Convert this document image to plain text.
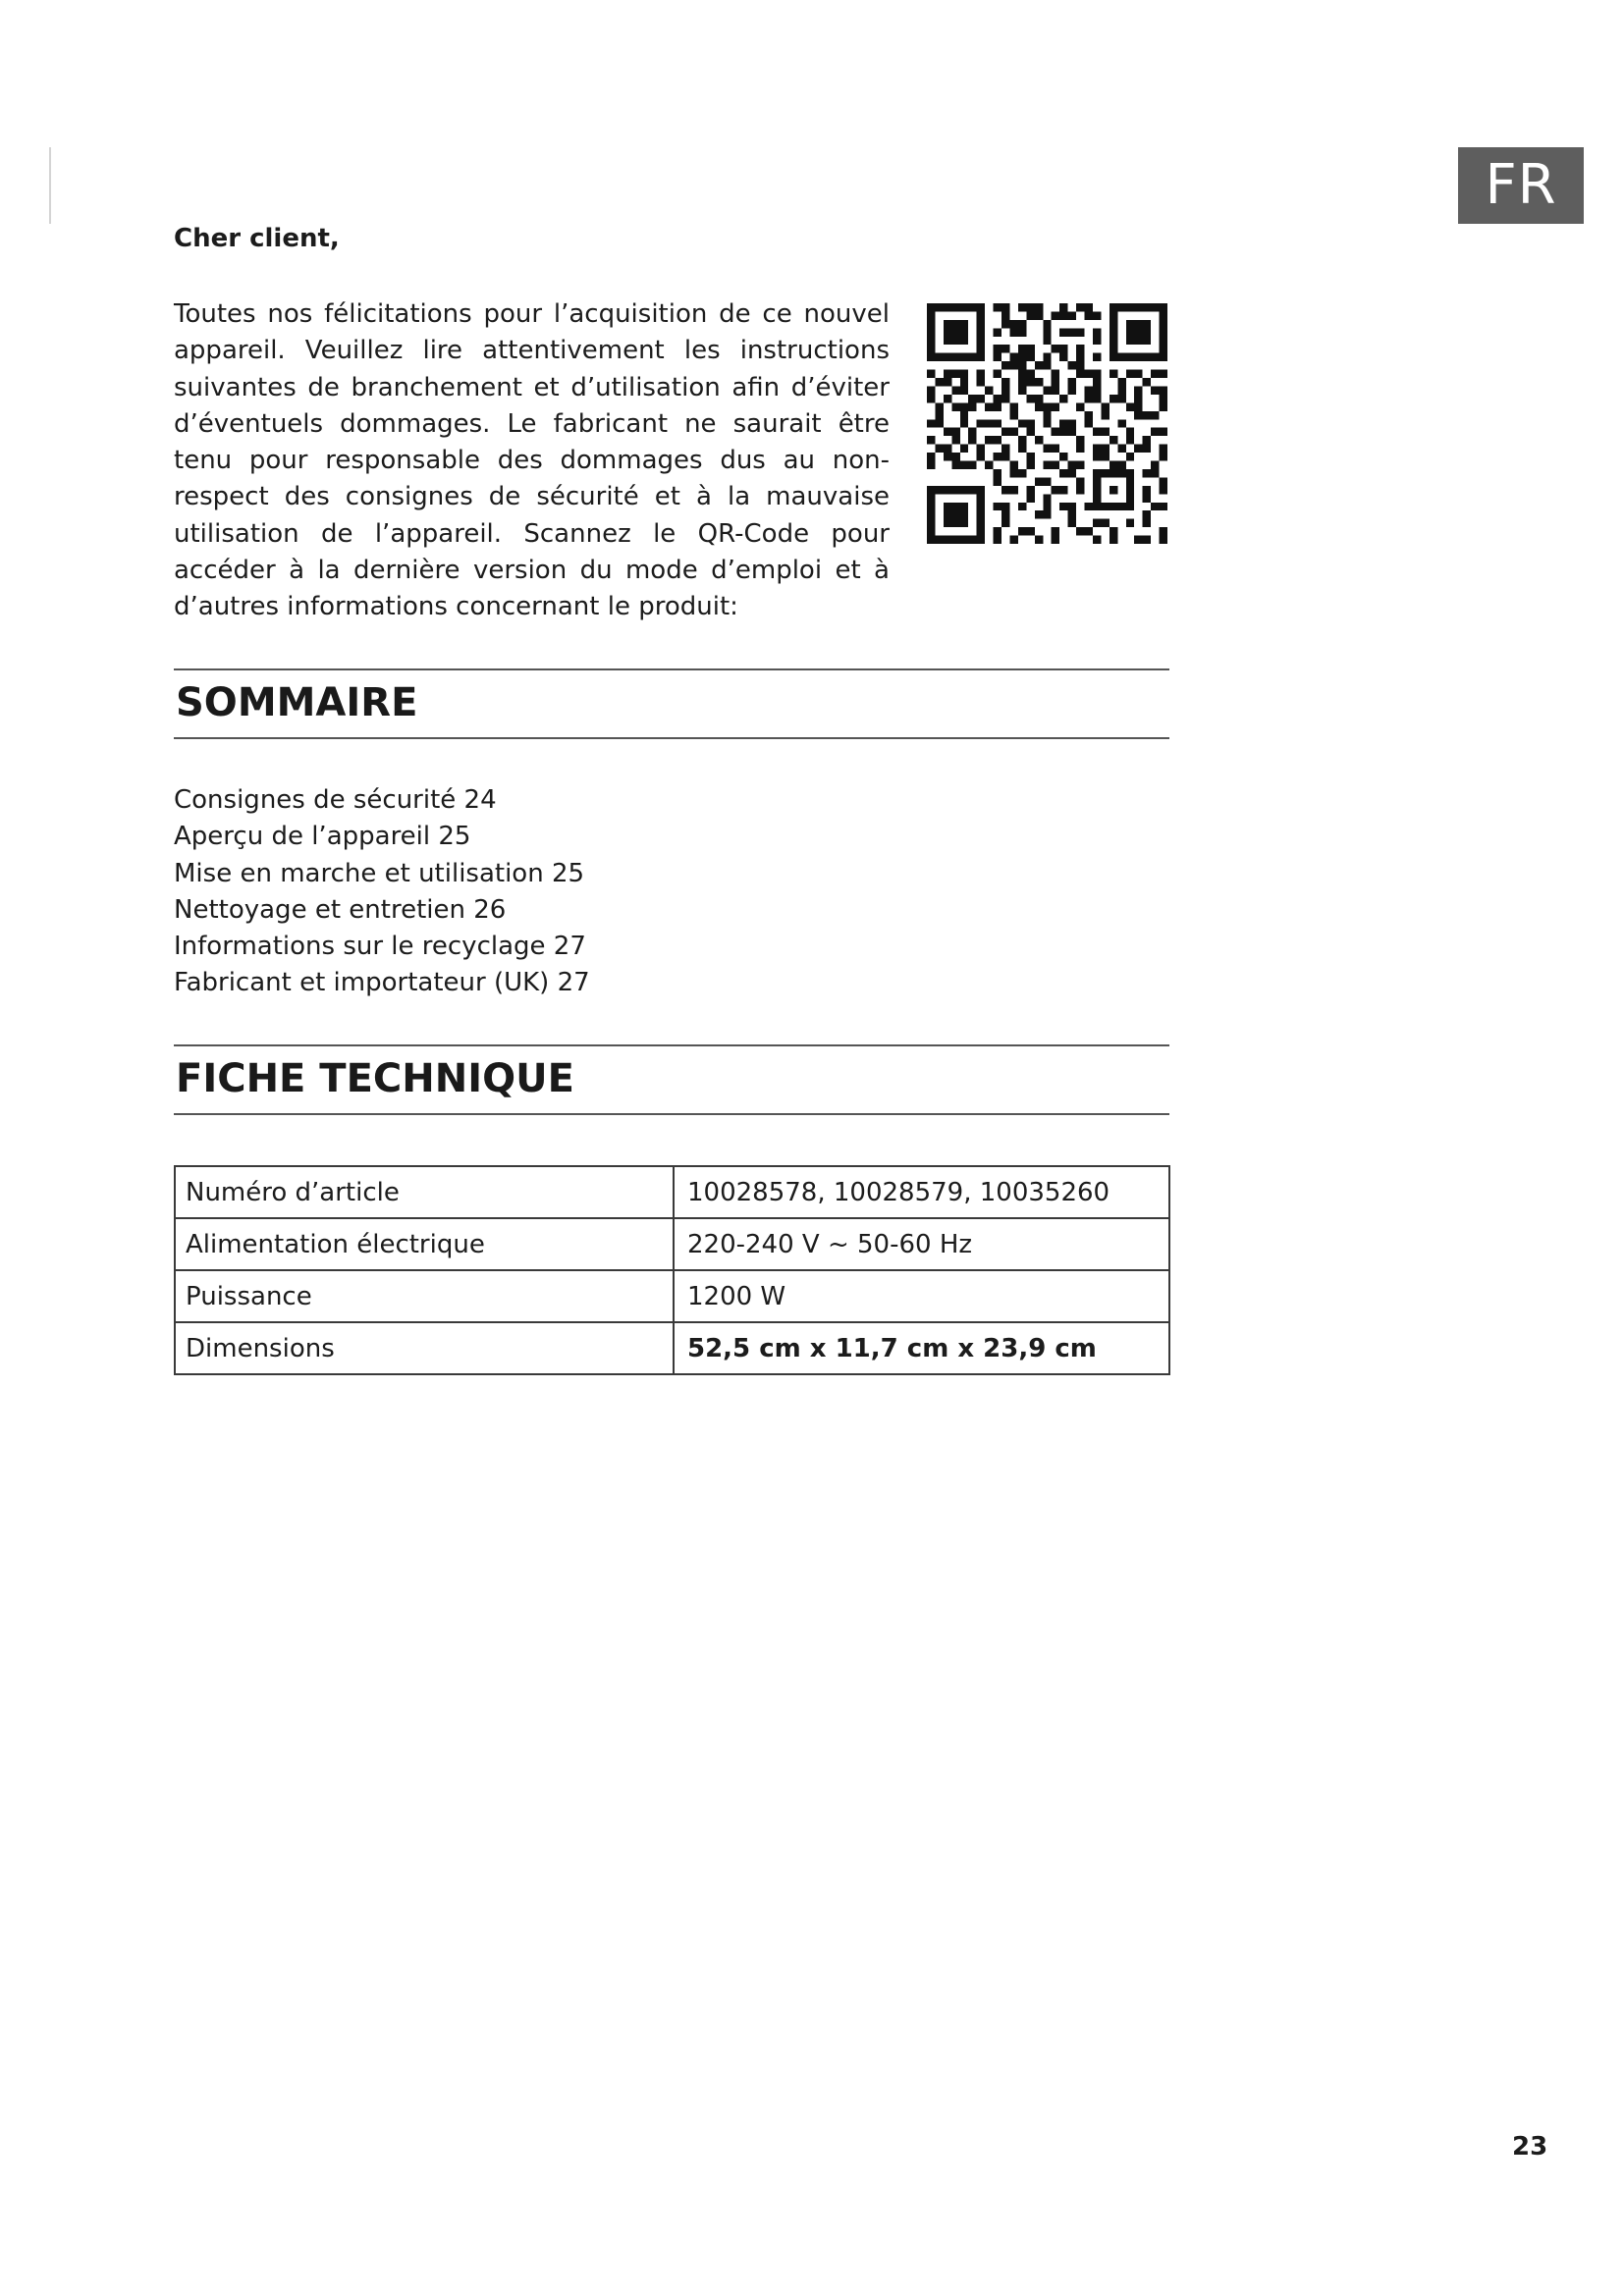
FR

Cher client,

Toutes nos félicitations pour l’acquisition de ce nouvel appareil. Veuillez lire attentivement les instructions suivantes de branchement et d’utilisation afin d’éviter d’éventuels dommages. Le fabricant ne saurait être tenu pour responsable des dommages dus au non-respect des consignes de sécurité et à la mauvaise utilisation de l’appareil. Scannez le QR-Code pour accéder à la dernière version du mode d’emploi et à d’autres informations concernant le produit:

SOMMAIRE
Consignes de sécurité 24
Aperçu de l’appareil 25
Mise en marche et utilisation 25
Nettoyage et entretien 26
Informations sur le recyclage 27
Fabricant et importateur (UK) 27
FICHE TECHNIQUE
Numéro d’article	10028578, 10028579, 10035260
Alimentation électrique	220-240 V ~ 50-60 Hz
Puissance	1200 W
Dimensions	52,5 cm x 11,7 cm x 23,9 cm
23
